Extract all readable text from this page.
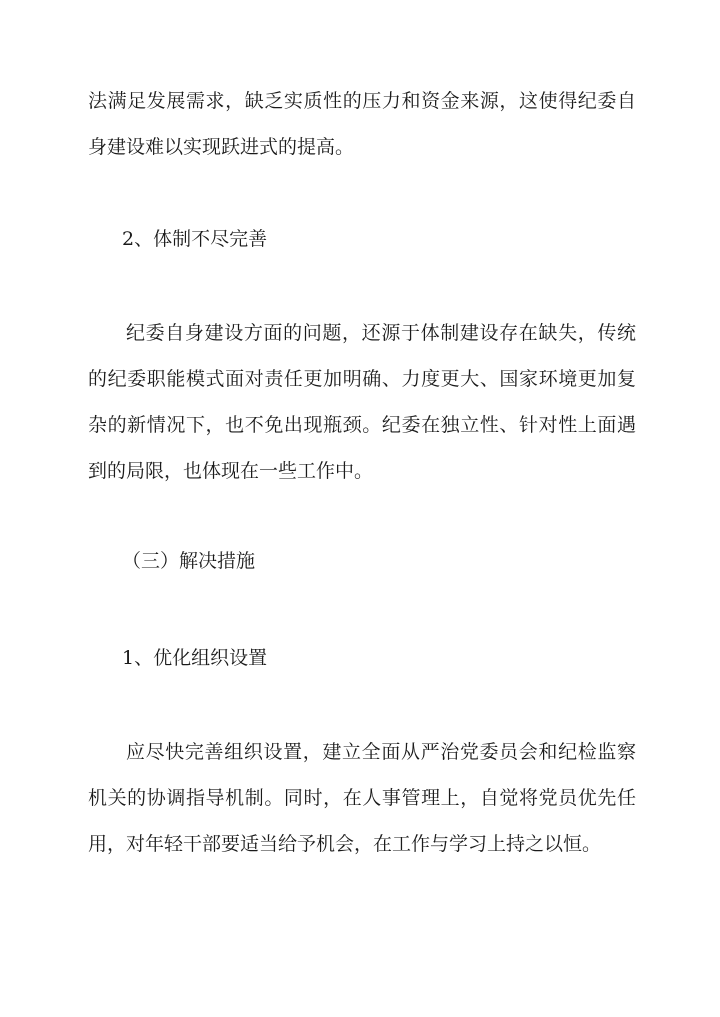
法满足发展需求，缺乏实质性的压力和资金来源，这使得纪委自身建设难以实现跃进式的提高。

2、体制不尽完善

纪委自身建设方面的问题，还源于体制建设存在缺失，传统的纪委职能模式面对责任更加明确、力度更大、国家环境更加复杂的新情况下，也不免出现瓶颈。纪委在独立性、针对性上面遇到的局限，也体现在一些工作中。

（三）解决措施

1、优化组织设置

应尽快完善组织设置，建立全面从严治党委员会和纪检监察机关的协调指导机制。同时，在人事管理上，自觉将党员优先任用，对年轻干部要适当给予机会，在工作与学习上持之以恒。
